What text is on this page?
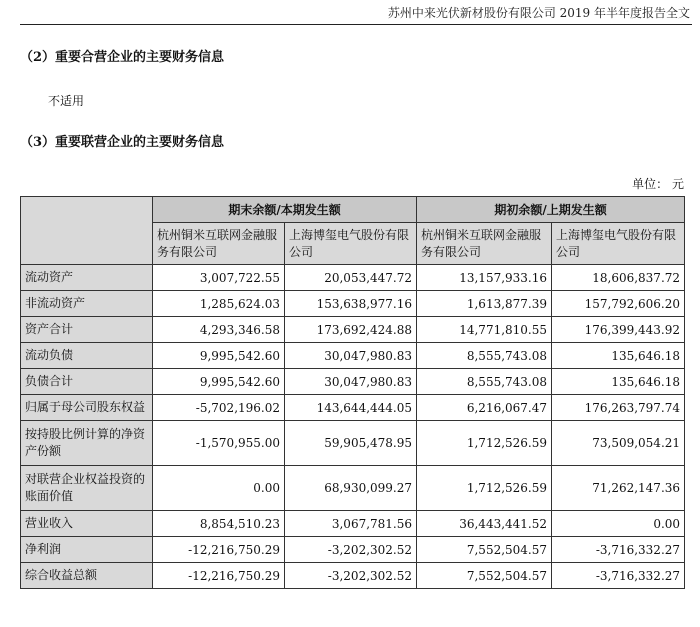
苏州中来光伏新材股份有限公司 2019 年半年度报告全文
（2）重要合营企业的主要财务信息
不适用
（3）重要联营企业的主要财务信息
单位： 元
	期末余额/本期发生额		期初余额/上期发生额	
	杭州铜米互联网金融服务有限公司	上海博玺电气股份有限公司	杭州铜米互联网金融服务有限公司	上海博玺电气股份有限公司
流动资产	3,007,722.55	20,053,447.72	13,157,933.16	18,606,837.72
非流动资产	1,285,624.03	153,638,977.16	1,613,877.39	157,792,606.20
资产合计	4,293,346.58	173,692,424.88	14,771,810.55	176,399,443.92
流动负债	9,995,542.60	30,047,980.83	8,555,743.08	135,646.18
负债合计	9,995,542.60	30,047,980.83	8,555,743.08	135,646.18
归属于母公司股东权益	-5,702,196.02	143,644,444.05	6,216,067.47	176,263,797.74
按持股比例计算的净资产份额	-1,570,955.00	59,905,478.95	1,712,526.59	73,509,054.21
对联营企业权益投资的账面价值	0.00	68,930,099.27	1,712,526.59	71,262,147.36
营业收入	8,854,510.23	3,067,781.56	36,443,441.52	0.00
净利润	-12,216,750.29	-3,202,302.52	7,552,504.57	-3,716,332.27
综合收益总额	-12,216,750.29	-3,202,302.52	7,552,504.57	-3,716,332.27
